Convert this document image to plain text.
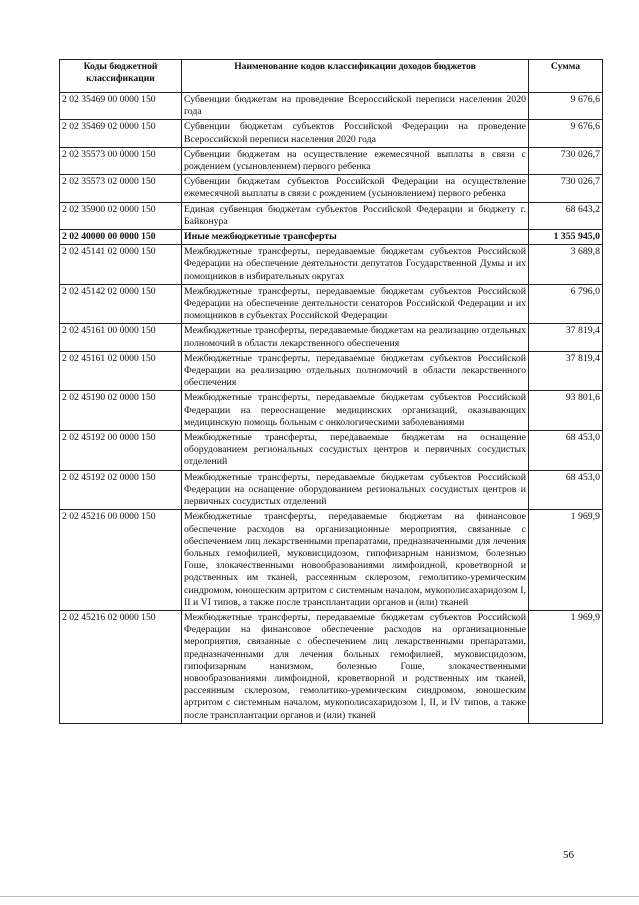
Коды бюджетной классификации	Наименование кодов классификации доходов бюджетов	Сумма
2 02 35469 00 0000 150	Субвенции бюджетам на проведение Всероссийской переписи населения 2020 года	9 676,6
2 02 35469 02 0000 150	Субвенции бюджетам субъектов Российской Федерации на проведение Всероссийской переписи населения 2020 года	9 676,6
2 02 35573 00 0000 150	Субвенции бюджетам на осуществление ежемесячной выплаты в связи с рождением (усыновлением) первого ребенка	730 026,7
2 02 35573 02 0000 150	Субвенции бюджетам субъектов Российской Федерации на осуществление ежемесячной выплаты в связи с рождением (усыновлением) первого ребенка	730 026,7
2 02 35900 02 0000 150	Единая субвенция бюджетам субъектов Российской Федерации и бюджету г. Байконура	68 643,2
2 02 40000 00 0000 150	Иные межбюджетные трансферты	1 355 945,0
2 02 45141 02 0000 150	Межбюджетные трансферты, передаваемые бюджетам субъектов Российской Федерации на обеспечение деятельности депутатов Государственной Думы и их помощников в избирательных округах	3 689,8
2 02 45142 02 0000 150	Межбюджетные трансферты, передаваемые бюджетам субъектов Российской Федерации на обеспечение деятельности сенаторов Российской Федерации и их помощников в субъектах Российской Федерации	6 796,0
2 02 45161 00 0000 150	Межбюджетные трансферты, передаваемые бюджетам на реализацию отдельных полномочий в области лекарственного обеспечения	37 819,4
2 02 45161 02 0000 150	Межбюджетные трансферты, передаваемые бюджетам субъектов Российской Федерации на реализацию отдельных полномочий в области лекарственного обеспечения	37 819,4
2 02 45190 02 0000 150	Межбюджетные трансферты, передаваемые бюджетам субъектов Российской Федерации на переоснащение медицинских организаций, оказывающих медицинскую помощь больным с онкологическими заболеваниями	93 801,6
2 02 45192 00 0000 150	Межбюджетные трансферты, передаваемые бюджетам на оснащение оборудованием региональных сосудистых центров и первичных сосудистых отделений	68 453,0
2 02 45192 02 0000 150	Межбюджетные трансферты, передаваемые бюджетам субъектов Российской Федерации на оснащение оборудованием региональных сосудистых центров и первичных сосудистых отделений	68 453,0
2 02 45216 00 0000 150	Межбюджетные трансферты, передаваемые бюджетам на финансовое обеспечение расходов на организационные мероприятия, связанные с обеспечением лиц лекарственными препаратами, предназначенными для лечения больных гемофилией, муковисцидозом, гипофизарным нанизмом, болезнью Гоше, злокачественными новообразованиями лимфоидной, кроветворной и родственных им тканей, рассеянным склерозом, гемолитико-уремическим синдромом, юношеским артритом с системным началом, мукополисахаридозом I, II и VI типов, а также после трансплантации органов и (или) тканей	1 969,9
2 02 45216 02 0000 150	Межбюджетные трансферты, передаваемые бюджетам субъектов Российской Федерации на финансовое обеспечение расходов на организационные мероприятия, связанные с обеспечением лиц лекарственными препаратами, предназначенными для лечения больных гемофилией, муковисцидозом, гипофизарным нанизмом, болезнью Гоше, злокачественными новообразованиями лимфоидной, кроветворной и родственных им тканей, рассеянным склерозом, гемолитико-уремическим синдромом, юношеским артритом с системным началом, мукополисахаридозом I, II, и IV типов, а также после трансплантации органов и (или) тканей	1 969,9
56
